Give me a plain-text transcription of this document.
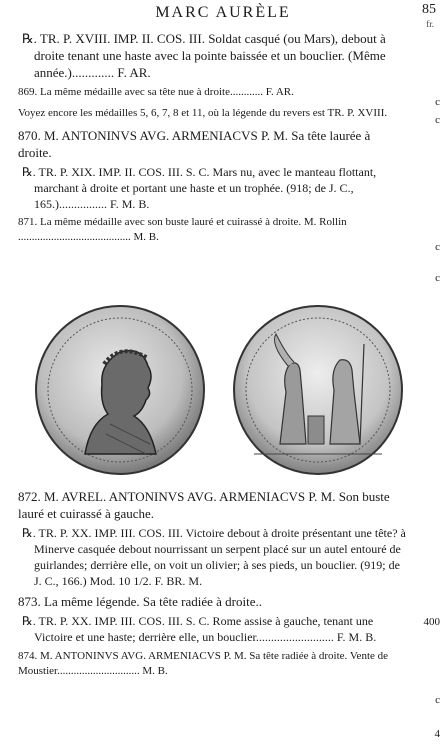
MARC AURÈLE	85
fr.

℞. TR. P. XVIII. IMP. II. COS. III. Soldat casqué (ou Mars), debout à droite tenant une haste avec la pointe baissée et un bouclier. (Même année.)............. F. AR.

869. La même médaille avec sa tête nue à droite............ F. AR.

Voyez encore les médailles 5, 6, 7, 8 et 11, où la légende du revers est TR. P. XVIII.

870. M. ANTONINVS AVG. ARMENIACVS P. M. Sa tête laurée à droite.

℞. TR. P. XIX. IMP. II. COS. III. S. C. Mars nu, avec le manteau flottant, marchant à droite et portant une haste et un trophée. (918; de J. C., 165.)................ F. M. B.

871. La même médaille avec son buste lauré et cuirassé à droite. M. Rollin ......................................... M. B.

c
c
c
c

872. M. AVREL. ANTONINVS AVG. ARMENIACVS P. M. Son buste lauré et cuirassé à gauche.

℞. TR. P. XX. IMP. III. COS. III. Victoire debout à droite présentant une tête? à Minerve casquée debout nourrissant un serpent placé sur un autel entouré de guirlandes; derrière elle, on voit un olivier; à ses pieds, un bouclier. (919; de J. C., 166.) Mod. 10 1/2. F. BR. M.

873. La même légende. Sa tête radiée à droite..

℞. TR. P. XX. IMP. III. COS. III. S. C. Rome assise à gauche, tenant une Victoire et une haste; derrière elle, un bouclier.......................... F. M. B.

874. M. ANTONINVS AVG. ARMENIACVS P. M. Sa tête radiée à droite. Vente de Moustier.............................. M. B.

400
c
4
